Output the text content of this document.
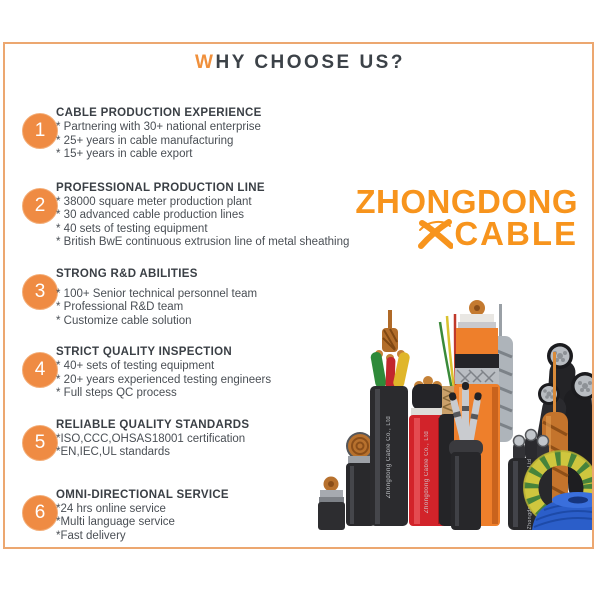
WHY CHOOSE US?
1
CABLE PRODUCTION EXPERIENCE
* Partnering with 30+ national enterprise
* 25+ years in cable manufacturing
* 15+ years in cable export
2
PROFESSIONAL PRODUCTION LINE
* 38000 square meter production plant
* 30 advanced cable production lines
* 40 sets of testing equipment
* British BwE continuous extrusion line of metal sheathing
3
STRONG R&D ABILITIES
* 100+ Senior technical personnel team
* Professional R&D team
* Customize cable solution
4
STRICT QUALITY INSPECTION
* 40+ sets of testing equipment
* 20+ years experienced testing engineers
* Full steps QC process
5
RELIABLE QUALITY STANDARDS
*ISO,CCC,OHSAS18001 certification
*EN,IEC,UL standards
6
OMNI-DIRECTIONAL SERVICE
*24 hrs online service
*Multi language service
*Fast delivery
ZHONGDONG
CABLE
Zhongdong Cable Co., Ltd	Zhongdong Cable Co., Ltd	Zhongdong Cable Co., Ltd
